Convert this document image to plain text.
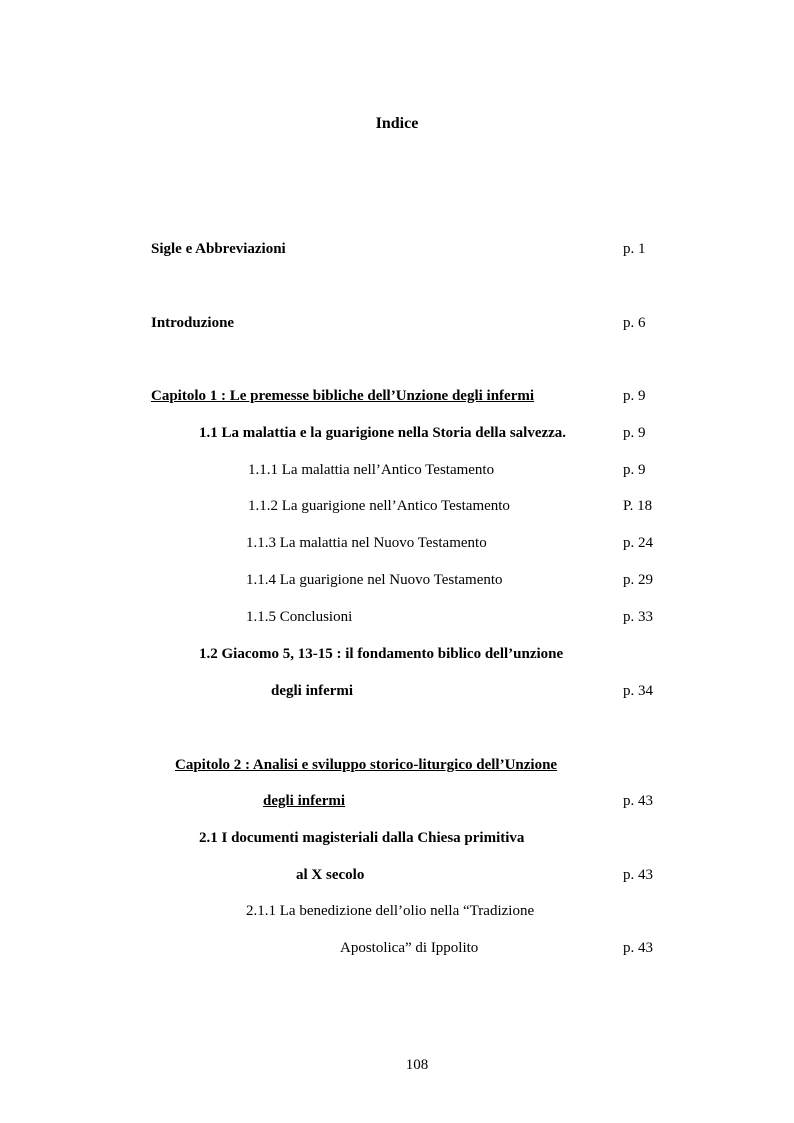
Indice
Sigle e Abbreviazioni	p. 1
Introduzione	p. 6
Capitolo 1 : Le premesse bibliche dell’Unzione degli infermi	p. 9
1.1 La malattia e la guarigione nella Storia della salvezza.	p. 9
1.1.1 La malattia nell’Antico Testamento	p. 9
1.1.2 La guarigione nell’Antico Testamento	P. 18
1.1.3 La malattia nel Nuovo Testamento	p. 24
1.1.4 La guarigione nel Nuovo Testamento	p. 29
1.1.5 Conclusioni	p. 33
1.2 Giacomo 5, 13-15 : il fondamento biblico dell’unzione
degli infermi	p. 34
Capitolo 2 : Analisi e sviluppo storico-liturgico dell’Unzione
degli infermi	p. 43
2.1 I documenti magisteriali dalla Chiesa primitiva
al X secolo	p. 43
2.1.1 La benedizione dell’olio nella “Tradizione
Apostolica” di Ippolito	p. 43
108
